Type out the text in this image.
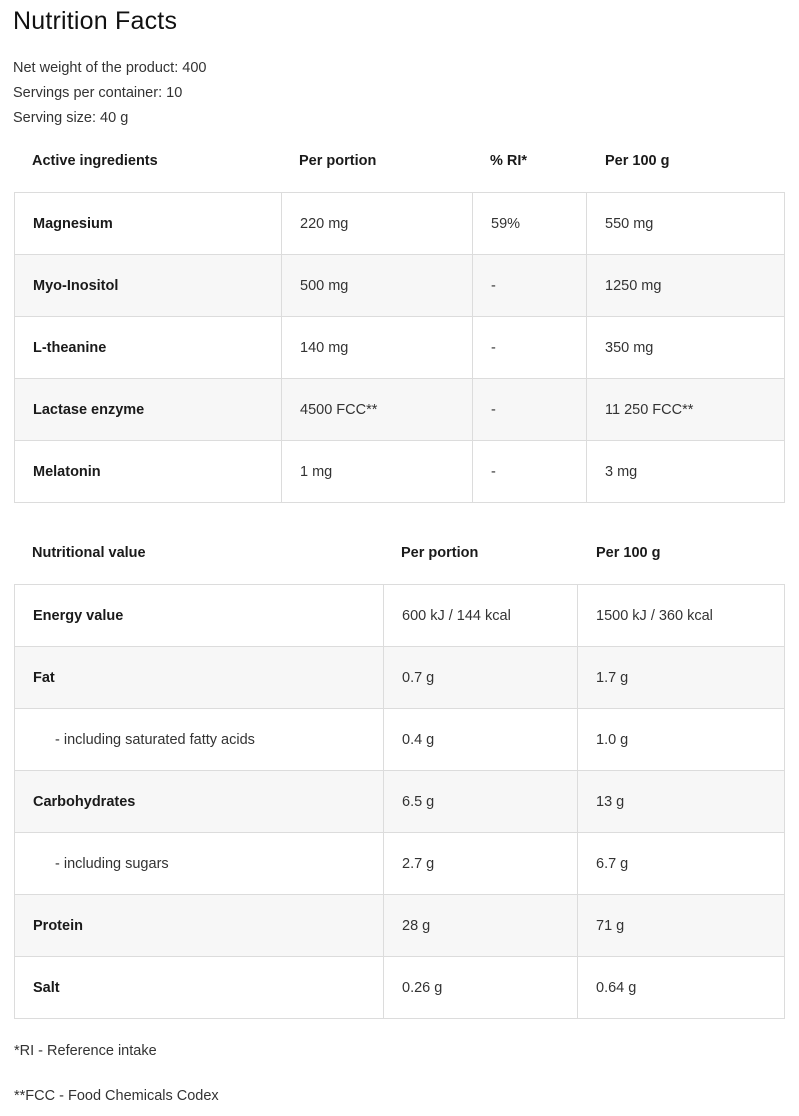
Nutrition Facts
Net weight of the product: 400
Servings per container: 10
Serving size: 40 g
Active ingredients	Per portion	% RI*	Per 100 g
Magnesium	220 mg	59%	550 mg
Myo-Inositol	500 mg	-	1250 mg
L-theanine	140 mg	-	350 mg
Lactase enzyme	4500 FCC**	-	11 250 FCC**
Melatonin	1 mg	-	3 mg
Nutritional value	Per portion	Per 100 g
Energy value	600 kJ / 144 kcal	1500 kJ / 360 kcal
Fat	0.7 g	1.7 g
- including saturated fatty acids	0.4 g	1.0 g
Carbohydrates	6.5 g	13 g
- including sugars	2.7 g	6.7 g
Protein	28 g	71 g
Salt	0.26 g	0.64 g
*RI - Reference intake
**FCC - Food Chemicals Codex
